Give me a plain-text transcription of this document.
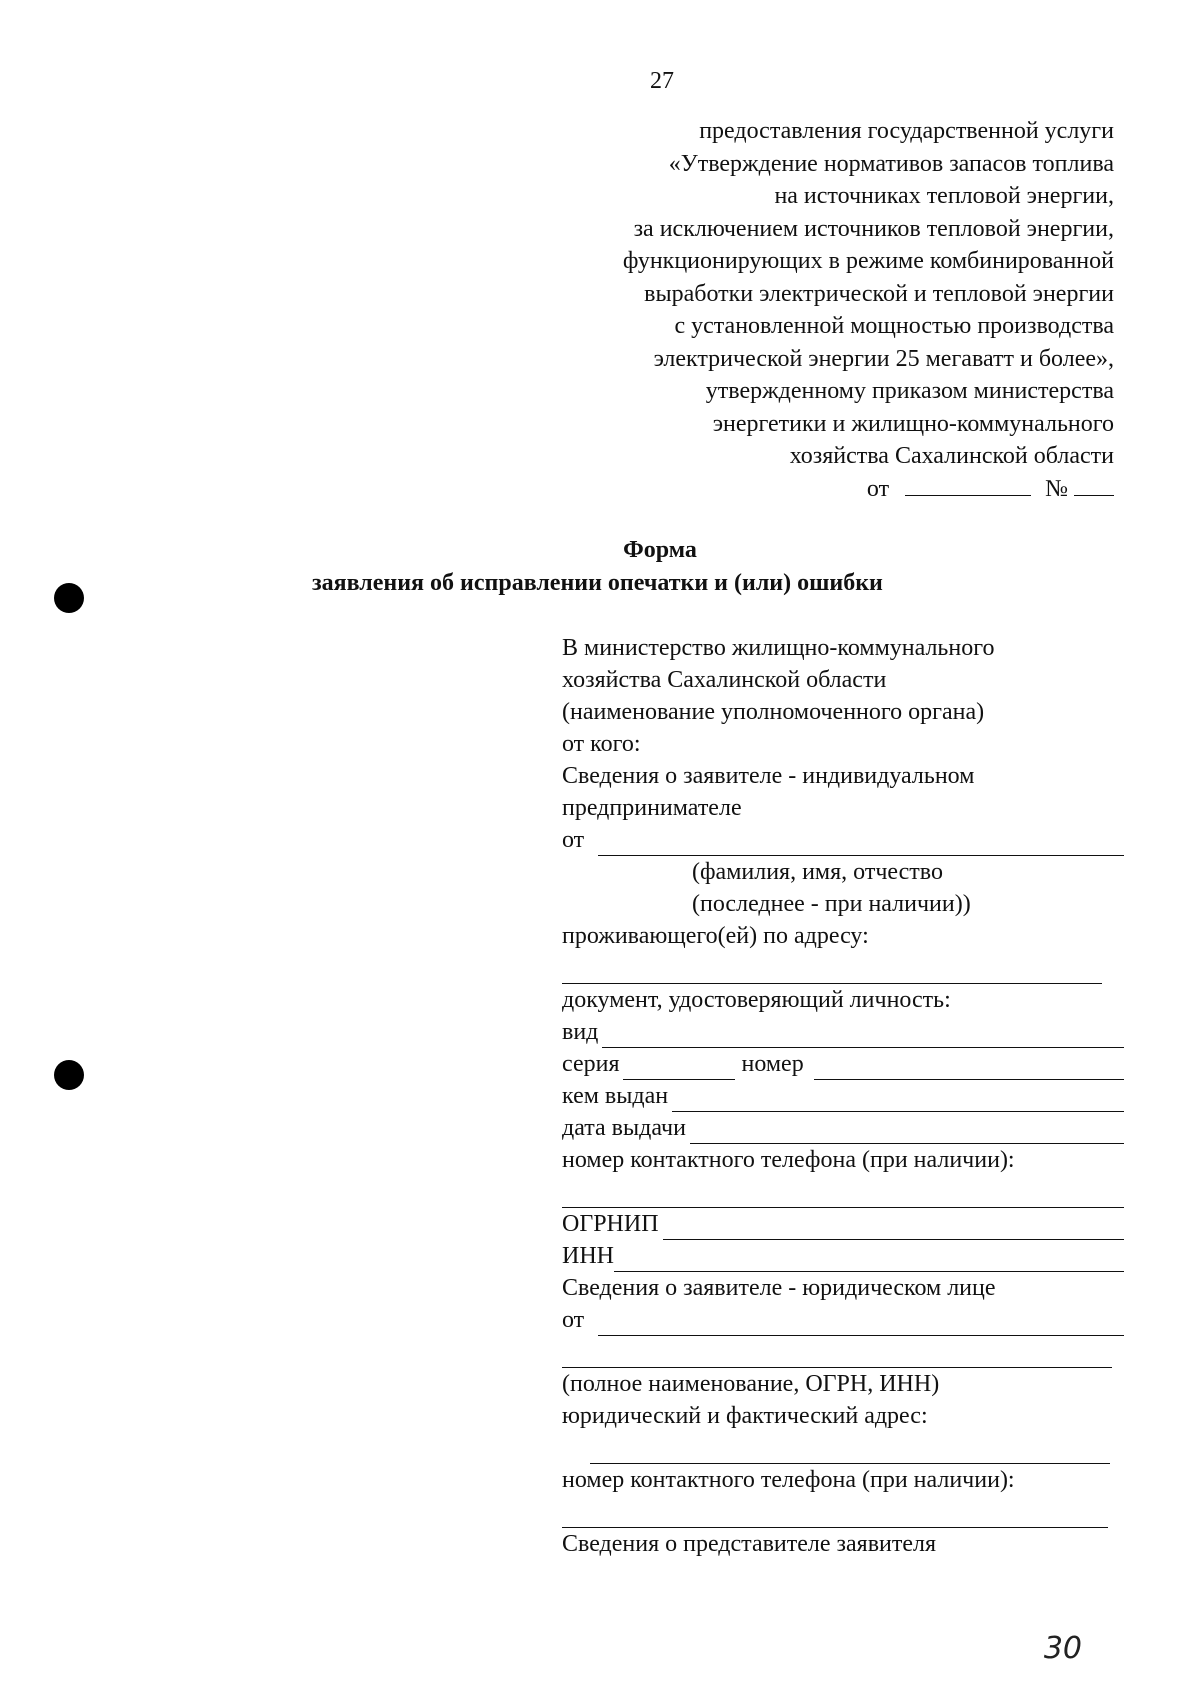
27
предоставления государственной услуги
«Утверждение нормативов запасов топлива
на источниках тепловой энергии,
за исключением источников тепловой энергии,
функционирующих в режиме комбинированной
выработки электрической и тепловой энергии
с установленной мощностью производства
электрической энергии 25 мегаватт и более»,
утвержденному приказом министерства
энергетики и жилищно-коммунального
хозяйства Сахалинской области
от	№
Форма
заявления об исправлении опечатки и (или) ошибки
В министерство жилищно-коммунального
хозяйства Сахалинской области
(наименование уполномоченного органа)
от кого:
Сведения о заявителе - индивидуальном
предпринимателе
от
(фамилия, имя, отчество
(последнее - при наличии))
проживающего(ей) по адресу:
документ, удостоверяющий личность:
вид
серия	номер
кем выдан
дата выдачи
номер контактного телефона (при наличии):
ОГРНИП
ИНН
Сведения о заявителе - юридическом лице
от
(полное наименование, ОГРН, ИНН)
юридический и фактический адрес:
номер контактного телефона (при наличии):
Сведения о представителе заявителя
30
